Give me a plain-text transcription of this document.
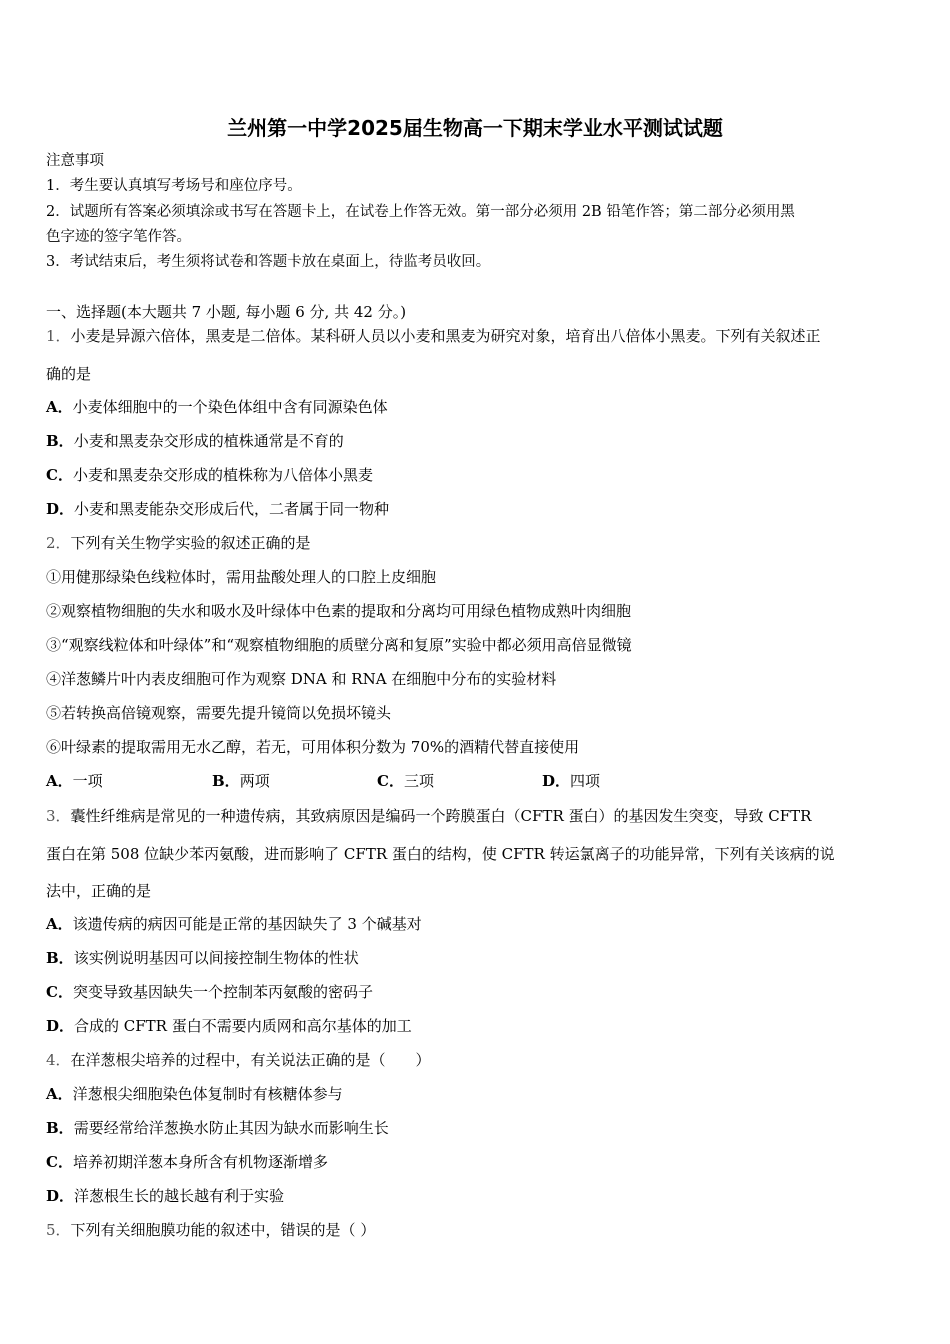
兰州第一中学2025届生物高一下期末学业水平测试试题
注意事项
1．考生要认真填写考场号和座位序号。
2．试题所有答案必须填涂或书写在答题卡上，在试卷上作答无效。第一部分必须用 2B 铅笔作答；第二部分必须用黑
色字迹的签字笔作答。
3．考试结束后，考生须将试卷和答题卡放在桌面上，待监考员收回。
一、选择题(本大题共 7 小题, 每小题 6 分, 共 42 分。)
1．小麦是异源六倍体，黑麦是二倍体。某科研人员以小麦和黑麦为研究对象，培育出八倍体小黑麦。下列有关叙述正
确的是
A．小麦体细胞中的一个染色体组中含有同源染色体
B．小麦和黑麦杂交形成的植株通常是不育的
C．小麦和黑麦杂交形成的植株称为八倍体小黑麦
D．小麦和黑麦能杂交形成后代，二者属于同一物种
2．下列有关生物学实验的叙述正确的是
①用健那绿染色线粒体时，需用盐酸处理人的口腔上皮细胞
②观察植物细胞的失水和吸水及叶绿体中色素的提取和分离均可用绿色植物成熟叶肉细胞
③“观察线粒体和叶绿体”和“观察植物细胞的质壁分离和复原”实验中都必须用高倍显微镜
④洋葱鳞片叶内表皮细胞可作为观察 DNA 和 RNA 在细胞中分布的实验材料
⑤若转换高倍镜观察，需要先提升镜筒以免损坏镜头
⑥叶绿素的提取需用无水乙醇，若无，可用体积分数为 70%的酒精代替直接使用
A．一项	B．两项	C．三项	D．四项
3．囊性纤维病是常见的一种遗传病，其致病原因是编码一个跨膜蛋白（CFTR 蛋白）的基因发生突变，导致 CFTR
蛋白在第 508 位缺少苯丙氨酸，进而影响了 CFTR 蛋白的结构，使 CFTR 转运氯离子的功能异常，下列有关该病的说
法中，正确的是
A．该遗传病的病因可能是正常的基因缺失了 3 个碱基对
B．该实例说明基因可以间接控制生物体的性状
C．突变导致基因缺失一个控制苯丙氨酸的密码子
D．合成的 CFTR 蛋白不需要内质网和高尔基体的加工
4．在洋葱根尖培养的过程中，有关说法正确的是（　　）
A．洋葱根尖细胞染色体复制时有核糖体参与
B．需要经常给洋葱换水防止其因为缺水而影响生长
C．培养初期洋葱本身所含有机物逐渐增多
D．洋葱根生长的越长越有利于实验
5．下列有关细胞膜功能的叙述中，错误的是（ ）
